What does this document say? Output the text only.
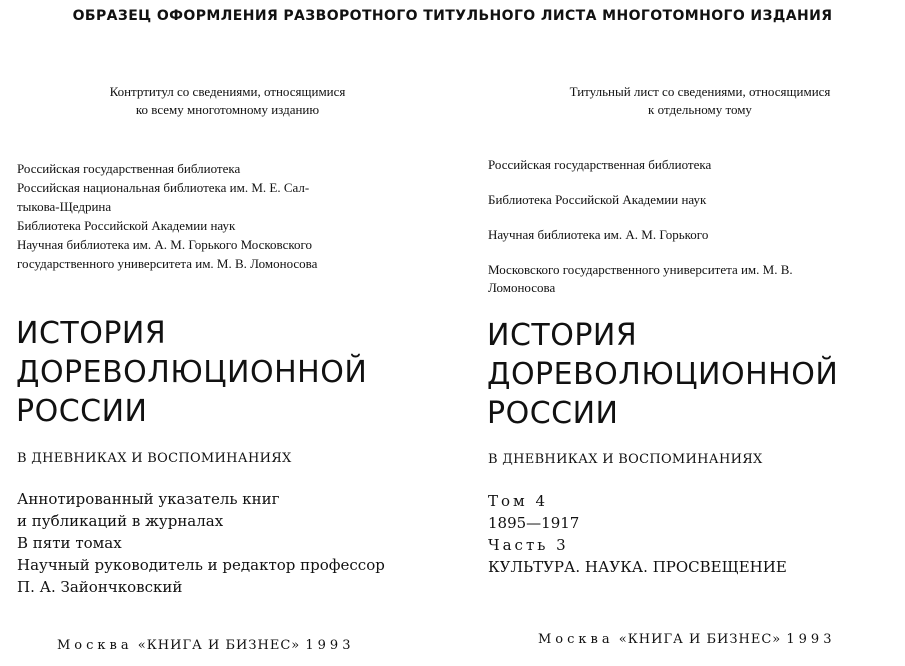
ОБРАЗЕЦ ОФОРМЛЕНИЯ РАЗВОРОТНОГО ТИТУЛЬНОГО ЛИСТА МНОГОТОМНОГО ИЗДАНИЯ
Контртитул со сведениями, относящимися
ко всему многотомному изданию
Российская государственная библиотека
Российская национальная библиотека им. М. Е. Сал-
тыкова-Щедрина
Библиотека Российской Академии наук
Научная библиотека им. А. М. Горького Московского
государственного университета им. М. В. Ломоносова
ИСТОРИЯ
ДОРЕВОЛЮЦИОННОЙ
РОССИИ
В ДНЕВНИКАХ И ВОСПОМИНАНИЯХ
Аннотированный указатель книг
и публикаций в журналах
В пяти томах
Научный руководитель и редактор профессор
П. А. Зайончковский
Москва «КНИГА И БИЗНЕС» 1993
Титульный лист со сведениями, относящимися
к отдельному тому
Российская государственная библиотека
Библиотека Российской Академии наук
Научная библиотека им. А. М. Горького
Московского государственного университета им. М. В.
Ломоносова
ИСТОРИЯ
ДОРЕВОЛЮЦИОННОЙ
РОССИИ
В ДНЕВНИКАХ И ВОСПОМИНАНИЯХ
Том 4
1895—1917
Часть 3
КУЛЬТУРА. НАУКА. ПРОСВЕЩЕНИЕ
Москва «КНИГА И БИЗНЕС» 1993
